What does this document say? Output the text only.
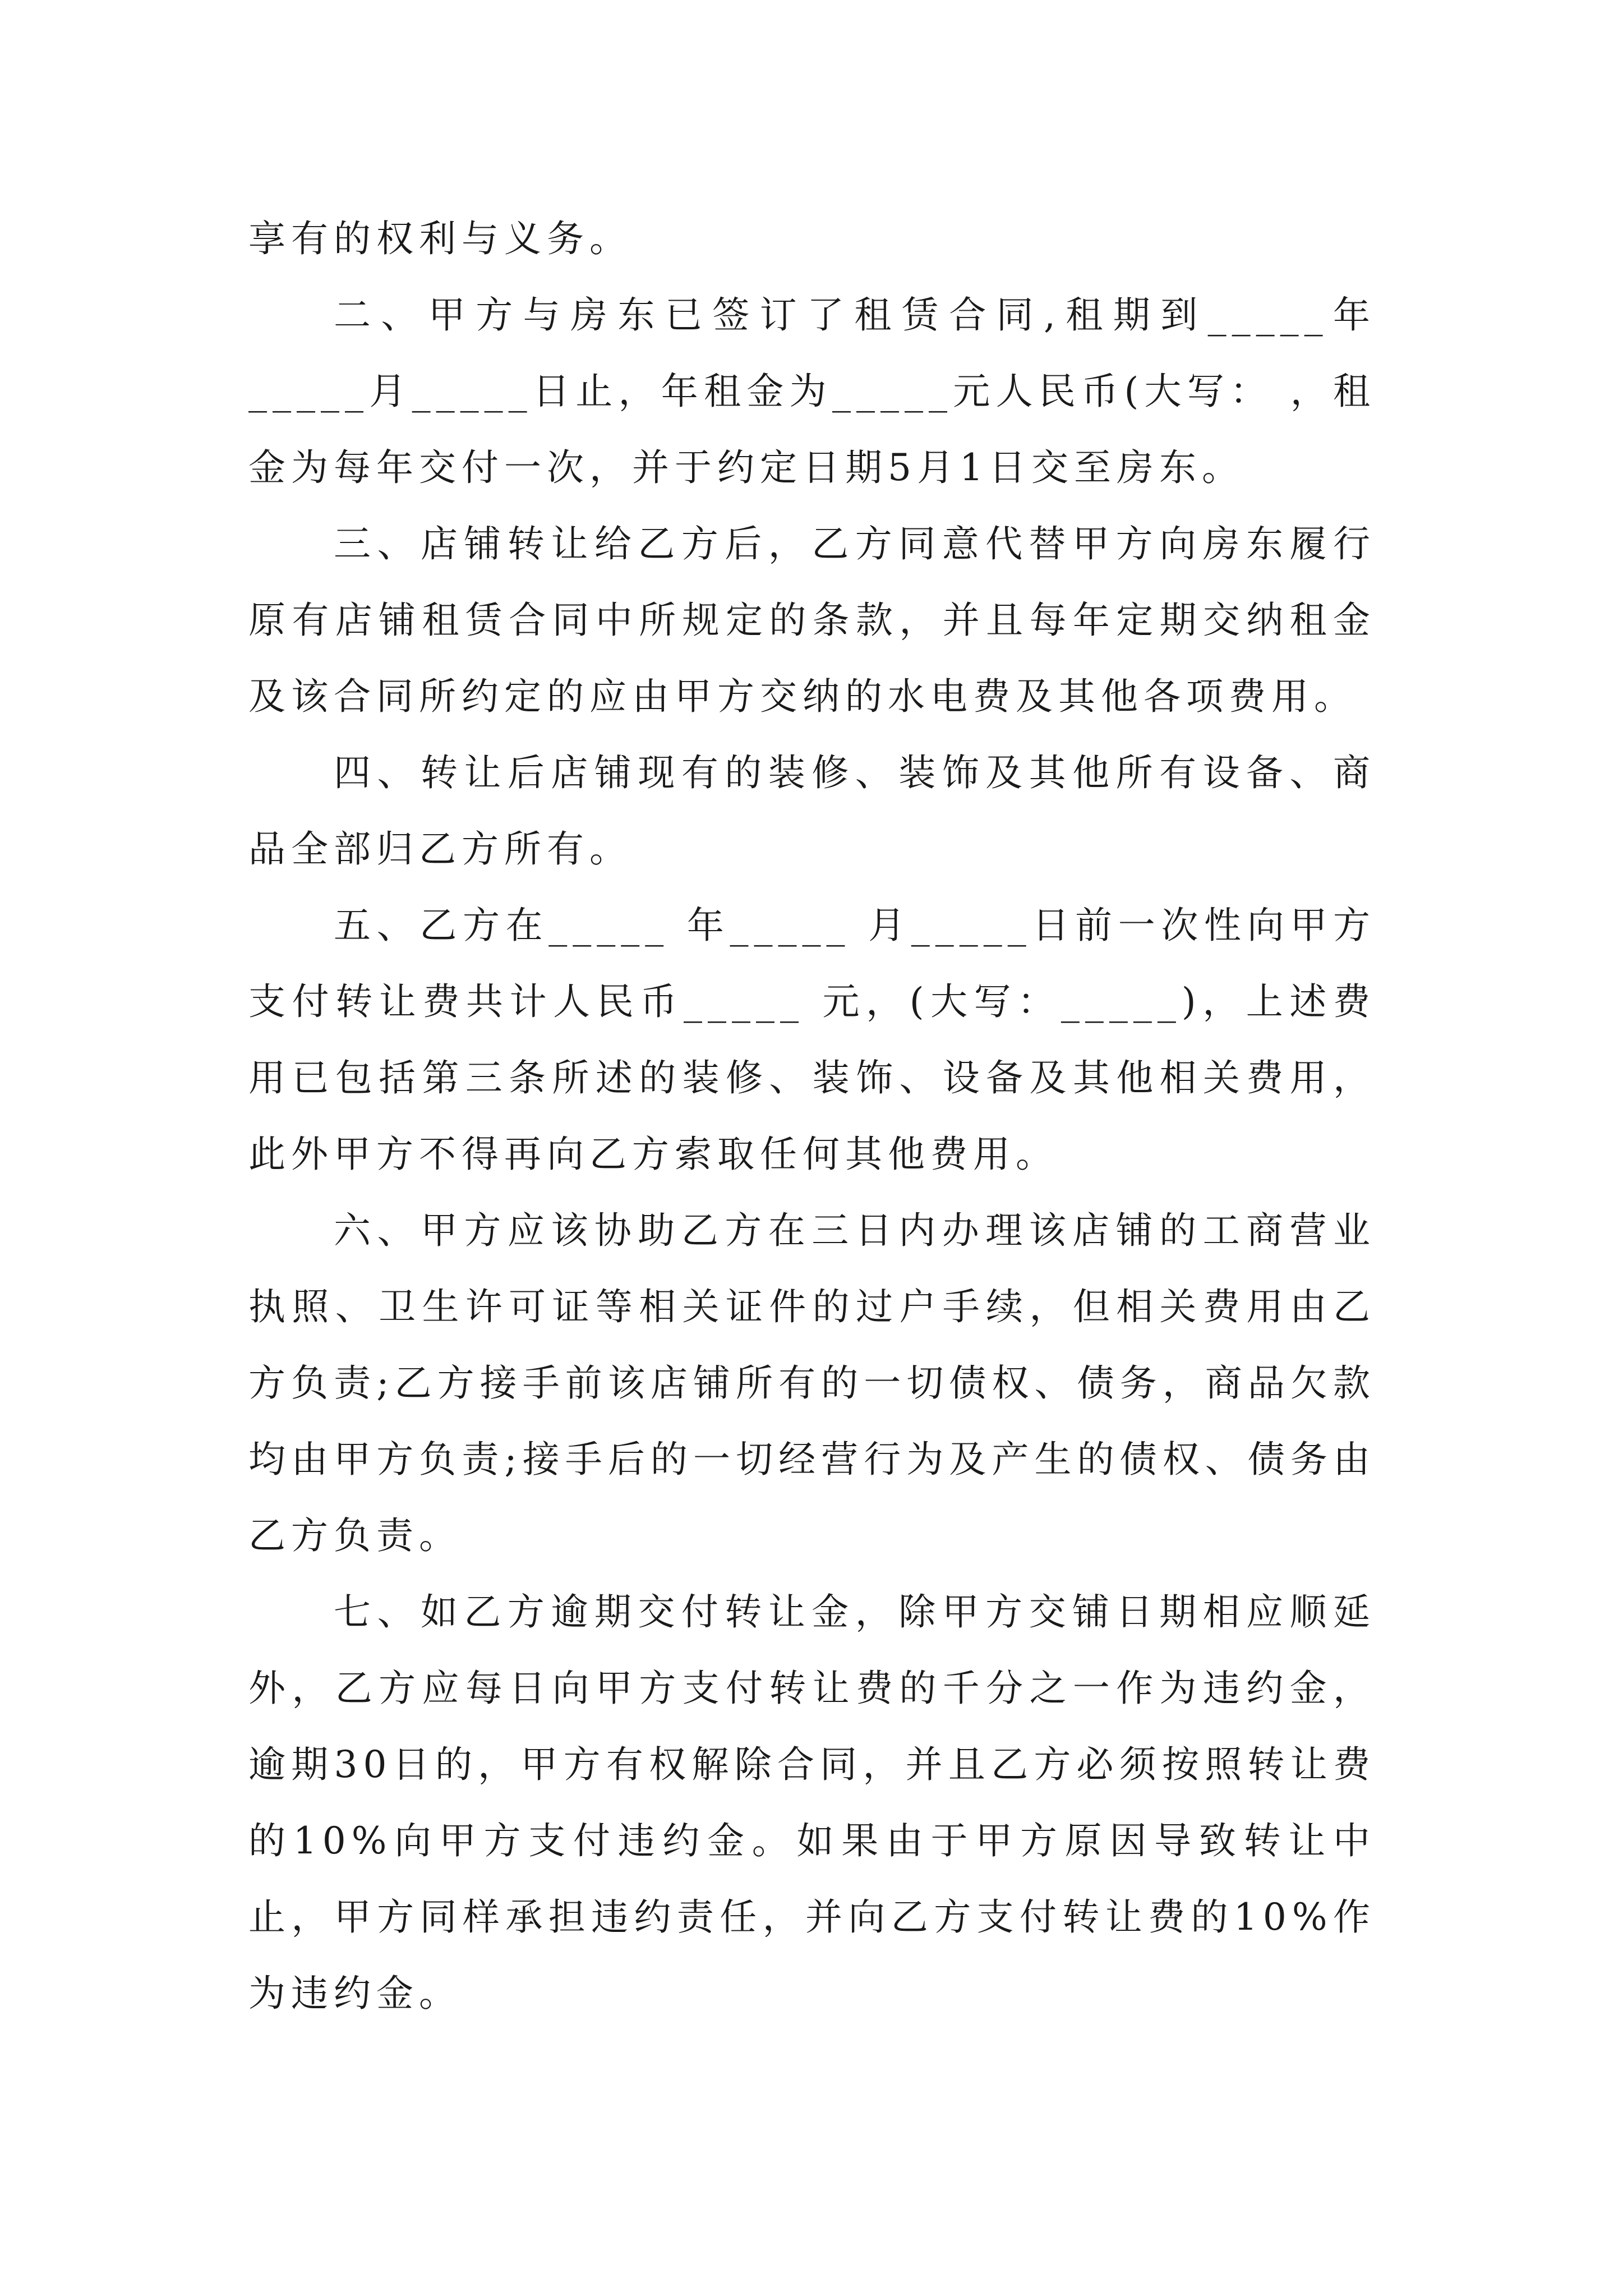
享有的权利与义务。

二、甲方与房东已签订了租赁合同,租期到_____年_____月_____日止，年租金为_____元人民币(大写： ，租金为每年交付一次，并于约定日期5月1日交至房东。

三、店铺转让给乙方后，乙方同意代替甲方向房东履行原有店铺租赁合同中所规定的条款，并且每年定期交纳租金及该合同所约定的应由甲方交纳的水电费及其他各项费用。

四、转让后店铺现有的装修、装饰及其他所有设备、商品全部归乙方所有。

五、乙方在_____ 年_____ 月_____日前一次性向甲方支付转让费共计人民币_____ 元，(大写：_____)，上述费用已包括第三条所述的装修、装饰、设备及其他相关费用，此外甲方不得再向乙方索取任何其他费用。

六、甲方应该协助乙方在三日内办理该店铺的工商营业执照、卫生许可证等相关证件的过户手续，但相关费用由乙方负责;乙方接手前该店铺所有的一切债权、债务，商品欠款均由甲方负责;接手后的一切经营行为及产生的债权、债务由乙方负责。

七、如乙方逾期交付转让金，除甲方交铺日期相应顺延外，乙方应每日向甲方支付转让费的千分之一作为违约金，逾期30日的，甲方有权解除合同，并且乙方必须按照转让费的10%向甲方支付违约金。如果由于甲方原因导致转让中止，甲方同样承担违约责任，并向乙方支付转让费的10%作为违约金。
